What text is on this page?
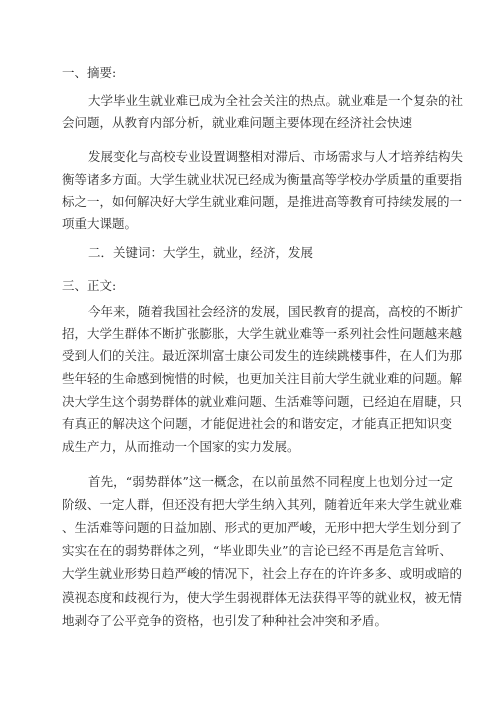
一、摘要:

大学毕业生就业难已成为全社会关注的热点。就业难是一个复杂的社

会问题，从教育内部分析，就业难问题主要体现在经济社会快速

发展变化与高校专业设置调整相对滞后、市场需求与人才培养结构失

衡等诸多方面。大学生就业状况已经成为衡量高等学校办学质量的重要指

标之一，如何解决好大学生就业难问题，是推进高等教育可持续发展的一

项重大课题。

二．关键词：大学生，就业，经济，发展

三、正文:

今年来，随着我国社会经济的发展，国民教育的提高，高校的不断扩

招，大学生群体不断扩张膨胀，大学生就业难等一系列社会性问题越来越

受到人们的关注。最近深圳富士康公司发生的连续跳楼事件，在人们为那

些年轻的生命感到惋惜的时候，也更加关注目前大学生就业难的问题。解

决大学生这个弱势群体的就业难问题、生活难等问题，已经迫在眉睫，只

有真正的解决这个问题，才能促进社会的和谐安定，才能真正把知识变

成生产力，从而推动一个国家的实力发展。

首先，“弱势群体”这一概念，在以前虽然不同程度上也划分过一定

阶级、一定人群，但还没有把大学生纳入其列，随着近年来大学生就业难

、生活难等问题的日益加剧、形式的更加严峻，无形中把大学生划分到了

实实在在的弱势群体之列，“毕业即失业”的言论已经不再是危言耸听、

大学生就业形势日趋严峻的情况下，社会上存在的许许多多、或明或暗的

漠视态度和歧视行为，使大学生弱视群体无法获得平等的就业权，被无情

地剥夺了公平竞争的资格，也引发了种种社会冲突和矛盾。
